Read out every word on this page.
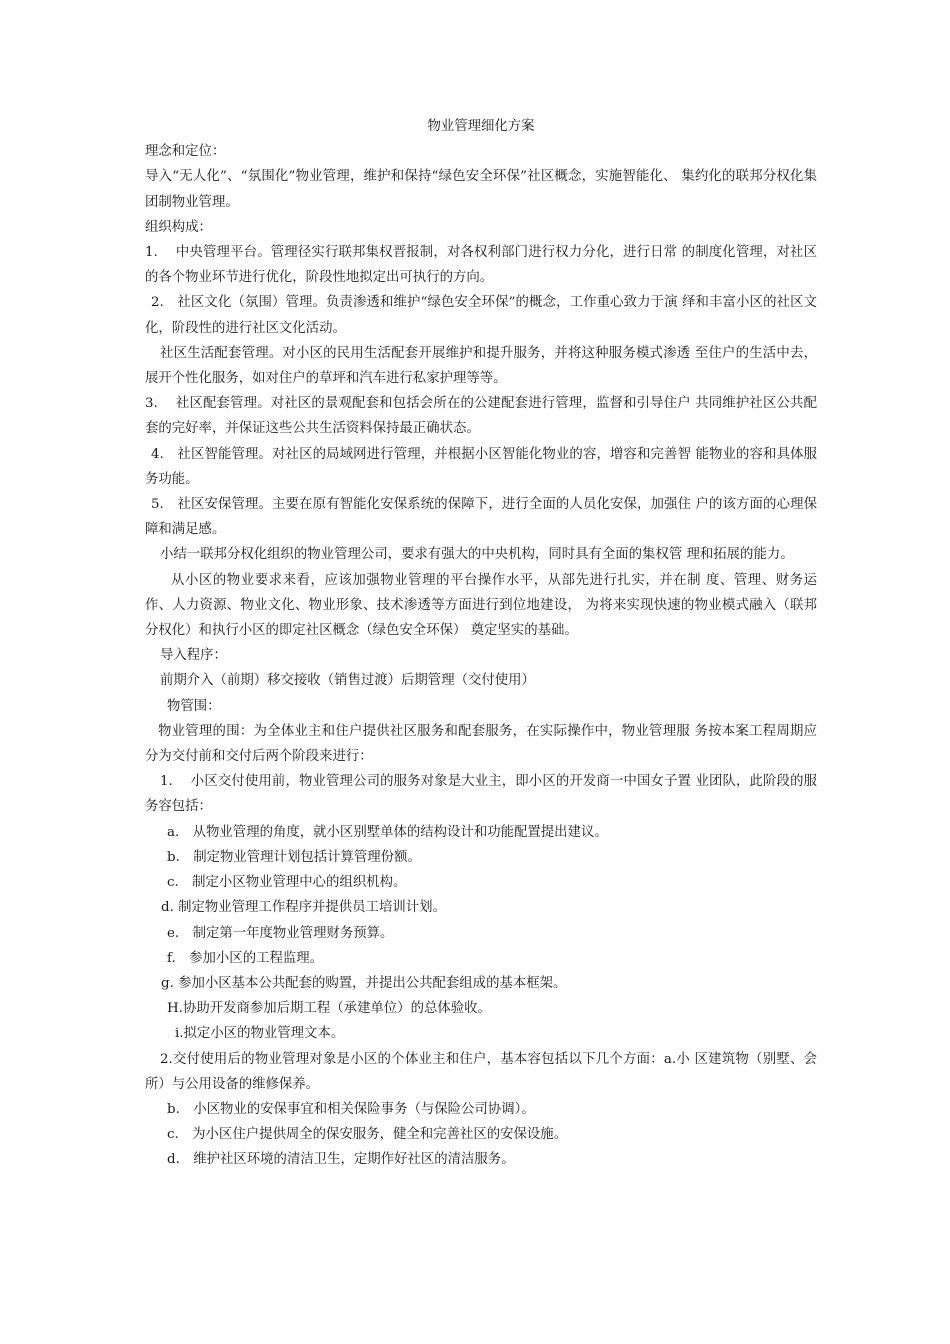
物业管理细化方案

理念和定位：

导入“无人化”、“氛围化”物业管理，维护和保持“绿色安全环保”社区概念，实施智能化、 集约化的联邦分权化集团制物业管理。

组织构成：

1.　 中央管理平台。管理径实行联邦集权晋报制，对各权利部门进行权力分化，进行日常 的制度化管理，对社区的各个物业环节进行优化，阶段性地拟定出可执行的方向。

2.　社区文化（氛围）管理。负责渗透和维护“绿色安全环保”的概念，工作重心致力于演 绎和丰富小区的社区文化，阶段性的进行社区文化活动。

社区生活配套管理。对小区的民用生活配套开展维护和提升服务，并将这种服务模式渗透 至住户的生活中去，展开个性化服务，如对住户的草坪和汽车进行私家护理等等。

3.　 社区配套管理。对社区的景观配套和包括会所在的公建配套进行管理，监督和引导住户 共同维护社区公共配套的完好率，并保证这些公共生活资料保持最正确状态。

4.　社区智能管理。对社区的局域网进行管理，并根据小区智能化物业的容，增容和完善智 能物业的容和具体服务功能。

5.　社区安保管理。主要在原有智能化安保系统的保障下，进行全面的人员化安保，加强住 户的该方面的心理保障和满足感。

小结一联邦分权化组织的物业管理公司，要求有强大的中央机构，同时具有全面的集权管 理和拓展的能力。

从小区的物业要求来看，应该加强物业管理的平台操作水平，从部先进行扎实，并在制 度、管理、财务运作、人力资源、物业文化、物业形象、技术渗透等方面进行到位地建设， 为将来实现快速的物业模式融入（联邦分权化）和执行小区的即定社区概念（绿色安全环保） 奠定坚实的基础。

导入程序：

前期介入（前期）移交接收（销售过渡）后期管理（交付使用）

物管围：

物业管理的围：为全体业主和住户提供社区服务和配套服务，在实际操作中，物业管理服 务按本案工程周期应分为交付前和交付后两个阶段来进行：

1.　 小区交付使用前，物业管理公司的服务对象是大业主，即小区的开发商一中国女子置 业团队，此阶段的服务容包括：

a.　从物业管理的角度，就小区别墅单体的结构设计和功能配置提出建议。

b.　制定物业管理计划包括计算管理份额。

c.　制定小区物业管理中心的组织机构。

d. 制定物业管理工作程序并提供员工培训计划。

e.　制定第一年度物业管理财务预算。

f.　参加小区的工程监理。

g. 参加小区基本公共配套的购置，并提出公共配套组成的基本框架。

H.协助开发商参加后期工程（承建单位）的总体验收。

i.拟定小区的物业管理文本。

2.交付使用后的物业管理对象是小区的个体业主和住户，基本容包括以下几个方面：a.小 区建筑物（别墅、会所）与公用设备的维修保养。

b.　小区物业的安保事宜和相关保险事务（与保险公司协调）。

c.　为小区住户提供周全的保安服务，健全和完善社区的安保设施。

d.　维护社区环境的清洁卫生，定期作好社区的清洁服务。
